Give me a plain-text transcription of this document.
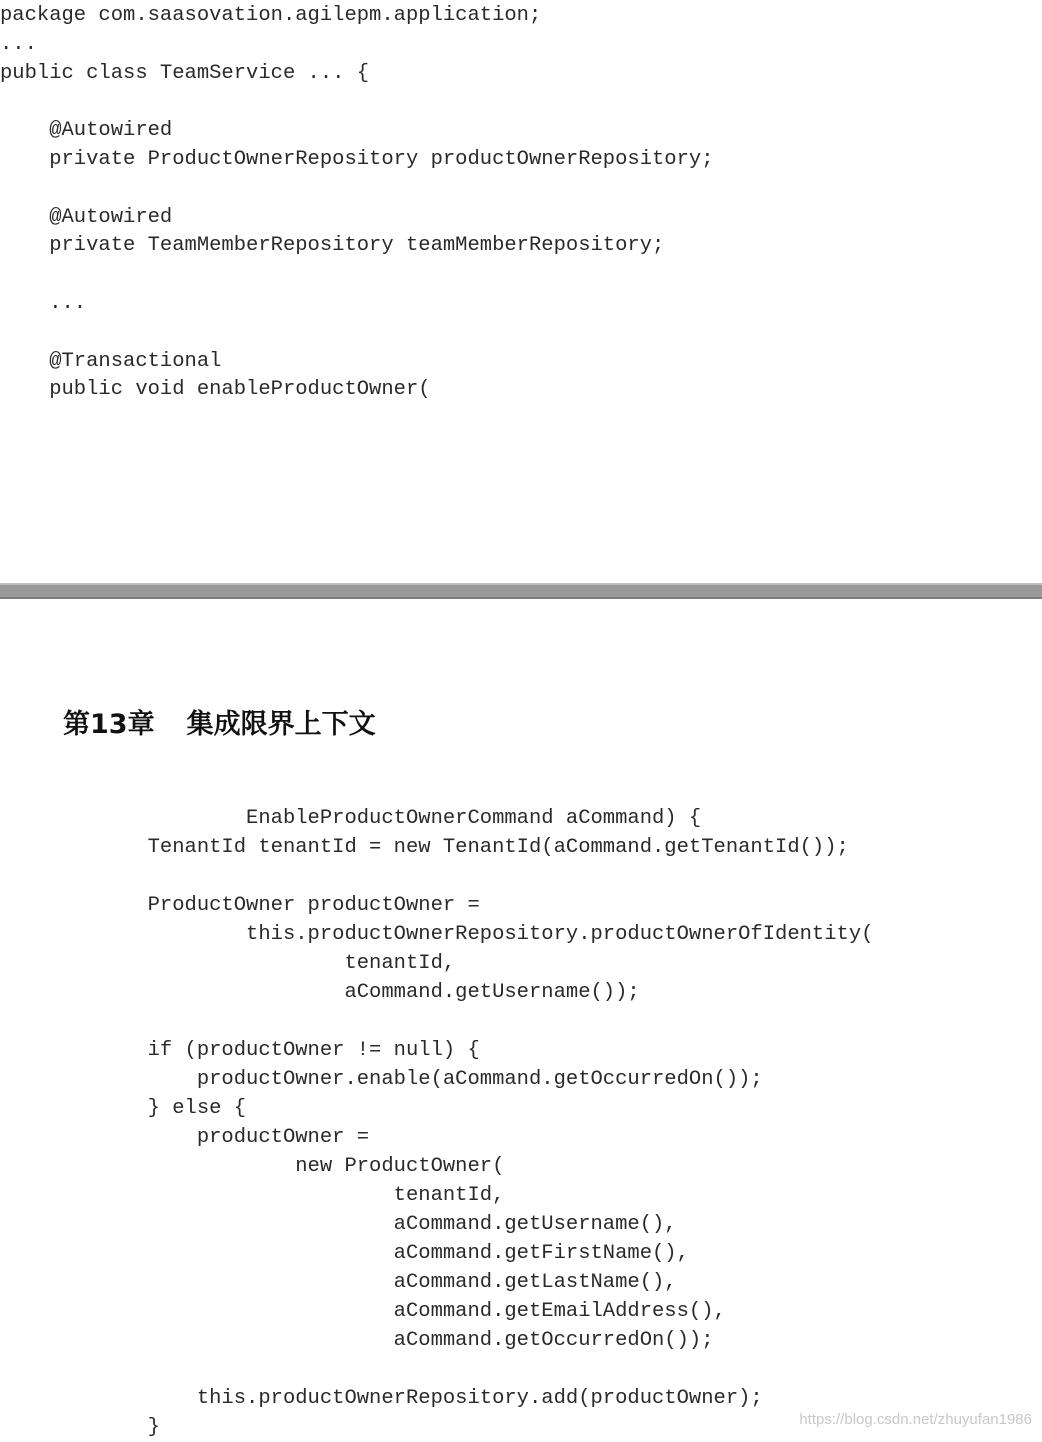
package com.saasovation.agilepm.application;
...
public class TeamService ... {

@Autowired
private ProductOwnerRepository productOwnerRepository;

@Autowired
private TeamMemberRepository teamMemberRepository;

...

@Transactional
public void enableProductOwner(
第13章 集成限界上下文
EnableProductOwnerCommand aCommand) {
TenantId tenantId = new TenantId(aCommand.getTenantId());

ProductOwner productOwner =
this.productOwnerRepository.productOwnerOfIdentity(
tenantId,
aCommand.getUsername());

if (productOwner != null) {
productOwner.enable(aCommand.getOccurredOn());
} else {
productOwner =
new ProductOwner(
tenantId,
aCommand.getUsername(),
aCommand.getFirstName(),
aCommand.getLastName(),
aCommand.getEmailAddress(),
aCommand.getOccurredOn());

this.productOwnerRepository.add(productOwner);
}	https://blog.csdn.net/zhuyufan1986
